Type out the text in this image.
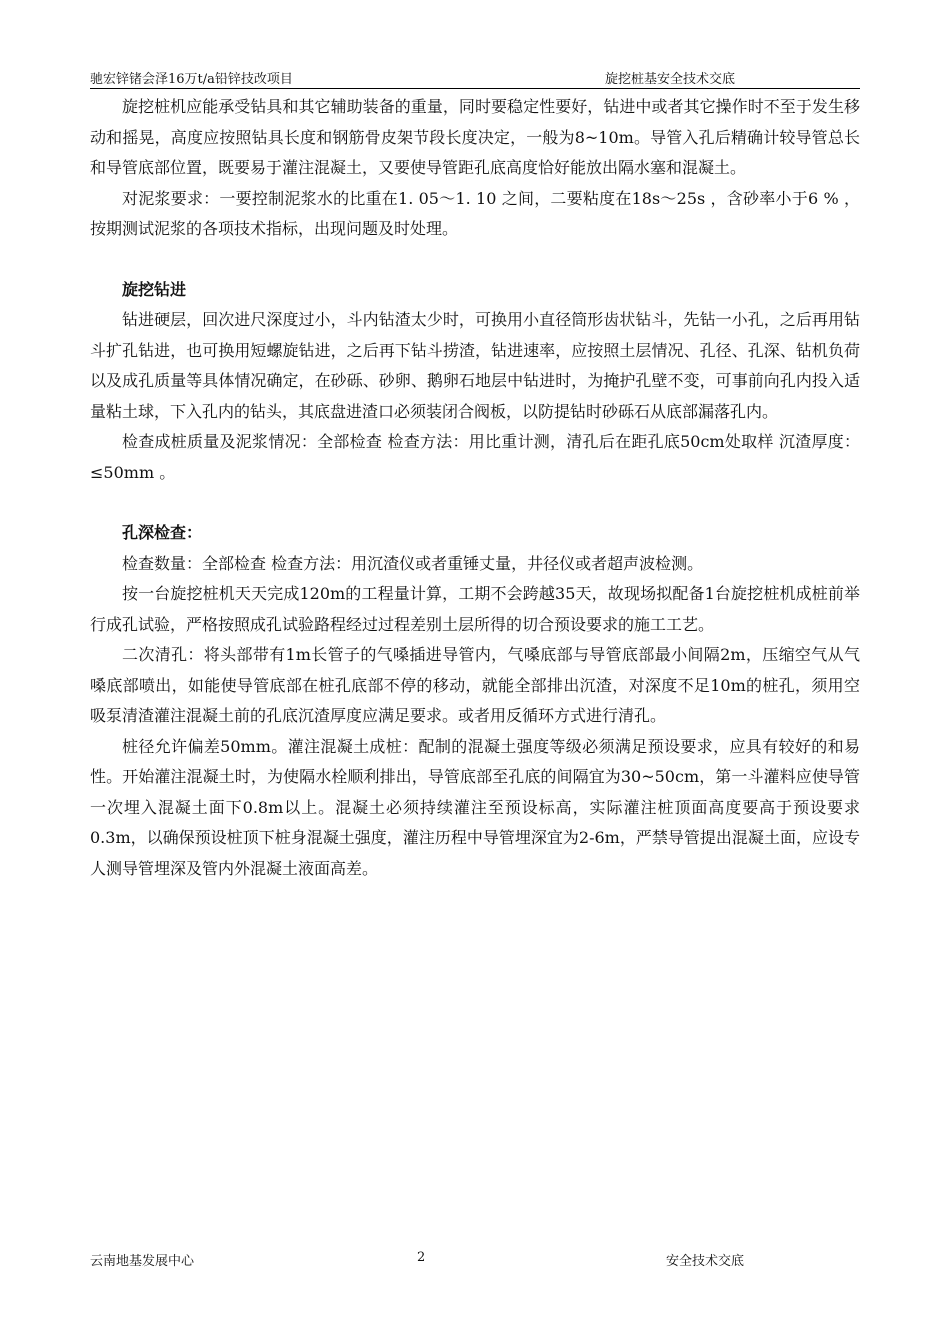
驰宏锌锗会泽16万t/a铅锌技改项目	旋挖桩基安全技术交底

旋挖桩机应能承受钻具和其它辅助装备的重量，同时要稳定性要好，钻进中或者其它操作时不至于发生移动和摇晃，高度应按照钻具长度和钢筋骨皮架节段长度决定，一般为8~10m。导管入孔后精确计较导管总长和导管底部位置，既要易于灌注混凝土，又要使导管距孔底高度恰好能放出隔水塞和混凝土。

对泥浆要求：一要控制泥浆水的比重在1. 05～1. 10 之间，二要粘度在18s～25s ，含砂率小于6 % ，按期测试泥浆的各项技术指标，出现问题及时处理。

旋挖钻进

钻进硬层，回次进尺深度过小，斗内钻渣太少时，可换用小直径筒形齿状钻斗，先钻一小孔，之后再用钻斗扩孔钻进，也可换用短螺旋钻进，之后再下钻斗捞渣，钻进速率，应按照土层情况、孔径、孔深、钻机负荷以及成孔质量等具体情况确定，在砂砾、砂卵、鹅卵石地层中钻进时，为掩护孔壁不变，可事前向孔内投入适量粘土球，下入孔内的钻头，其底盘进渣口必须装闭合阀板，以防提钻时砂砾石从底部漏落孔内。

检查成桩质量及泥浆情况：全部检查 检查方法：用比重计测，清孔后在距孔底50cm处取样 沉渣厚度：≤50mm 。

孔深检查：

检查数量：全部检查 检查方法：用沉渣仪或者重锤丈量，井径仪或者超声波检测。

按一台旋挖桩机天天完成120m的工程量计算，工期不会跨越35天，故现场拟配备1台旋挖桩机成桩前举行成孔试验，严格按照成孔试验路程经过过程差别土层所得的切合预设要求的施工工艺。

二次清孔：将头部带有1m长管子的气嗓插进导管内，气嗓底部与导管底部最小间隔2m，压缩空气从气嗓底部喷出，如能使导管底部在桩孔底部不停的移动，就能全部排出沉渣，对深度不足10m的桩孔，须用空吸泵清渣灌注混凝土前的孔底沉渣厚度应满足要求。或者用反循环方式进行清孔。

桩径允许偏差50mm。灌注混凝土成桩：配制的混凝土强度等级必须满足预设要求，应具有较好的和易性。开始灌注混凝土时，为使隔水栓顺利排出，导管底部至孔底的间隔宜为30~50cm，第一斗灌料应使导管一次埋入混凝土面下0.8m以上。混凝土必须持续灌注至预设标高，实际灌注桩顶面高度要高于预设要求0.3m，以确保预设桩顶下桩身混凝土强度，灌注历程中导管埋深宜为2-6m，严禁导管提出混凝土面，应设专人测导管埋深及管内外混凝土液面高差。

云南地基发展中心	2	安全技术交底
